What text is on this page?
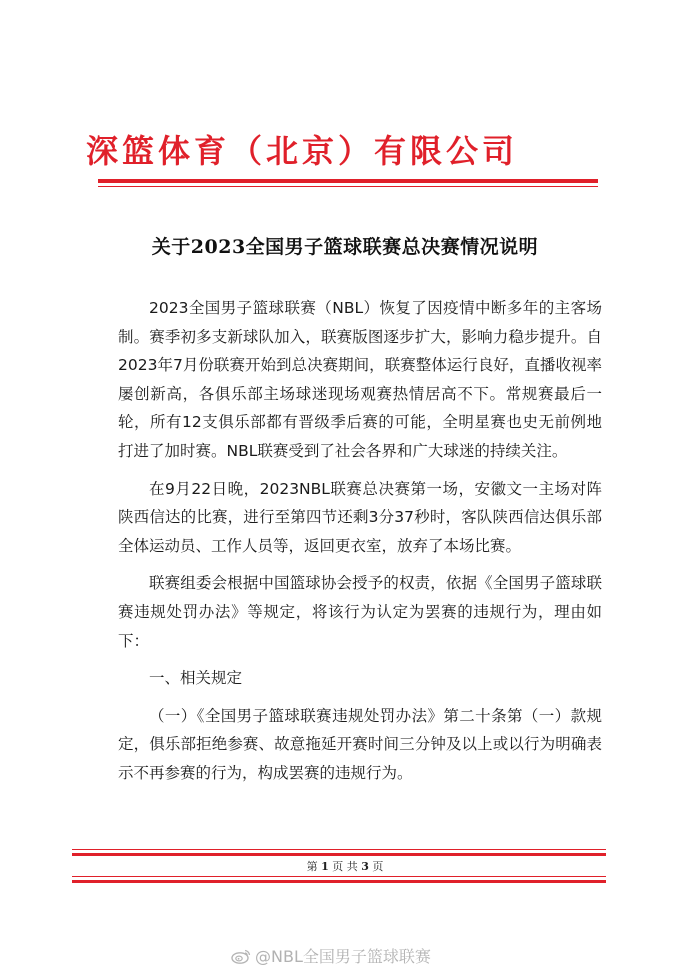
深篮体育（北京）有限公司
关于2023全国男子篮球联赛总决赛情况说明

2023全国男子篮球联赛（NBL）恢复了因疫情中断多年的主客场制。赛季初多支新球队加入，联赛版图逐步扩大，影响力稳步提升。自2023年7月份联赛开始到总决赛期间，联赛整体运行良好，直播收视率屡创新高，各俱乐部主场球迷现场观赛热情居高不下。常规赛最后一轮，所有12支俱乐部都有晋级季后赛的可能，全明星赛也史无前例地打进了加时赛。NBL联赛受到了社会各界和广大球迷的持续关注。

在9月22日晚，2023NBL联赛总决赛第一场，安徽文一主场对阵陕西信达的比赛，进行至第四节还剩3分37秒时，客队陕西信达俱乐部全体运动员、工作人员等，返回更衣室，放弃了本场比赛。

联赛组委会根据中国篮球协会授予的权责，依据《全国男子篮球联赛违规处罚办法》等规定，将该行为认定为罢赛的违规行为，理由如下：

一、相关规定

（一）《全国男子篮球联赛违规处罚办法》第二十条第（一）款规定，俱乐部拒绝参赛、故意拖延开赛时间三分钟及以上或以行为明确表示不再参赛的行为，构成罢赛的违规行为。

第 1 页 共 3 页
@NBL全国男子篮球联赛
